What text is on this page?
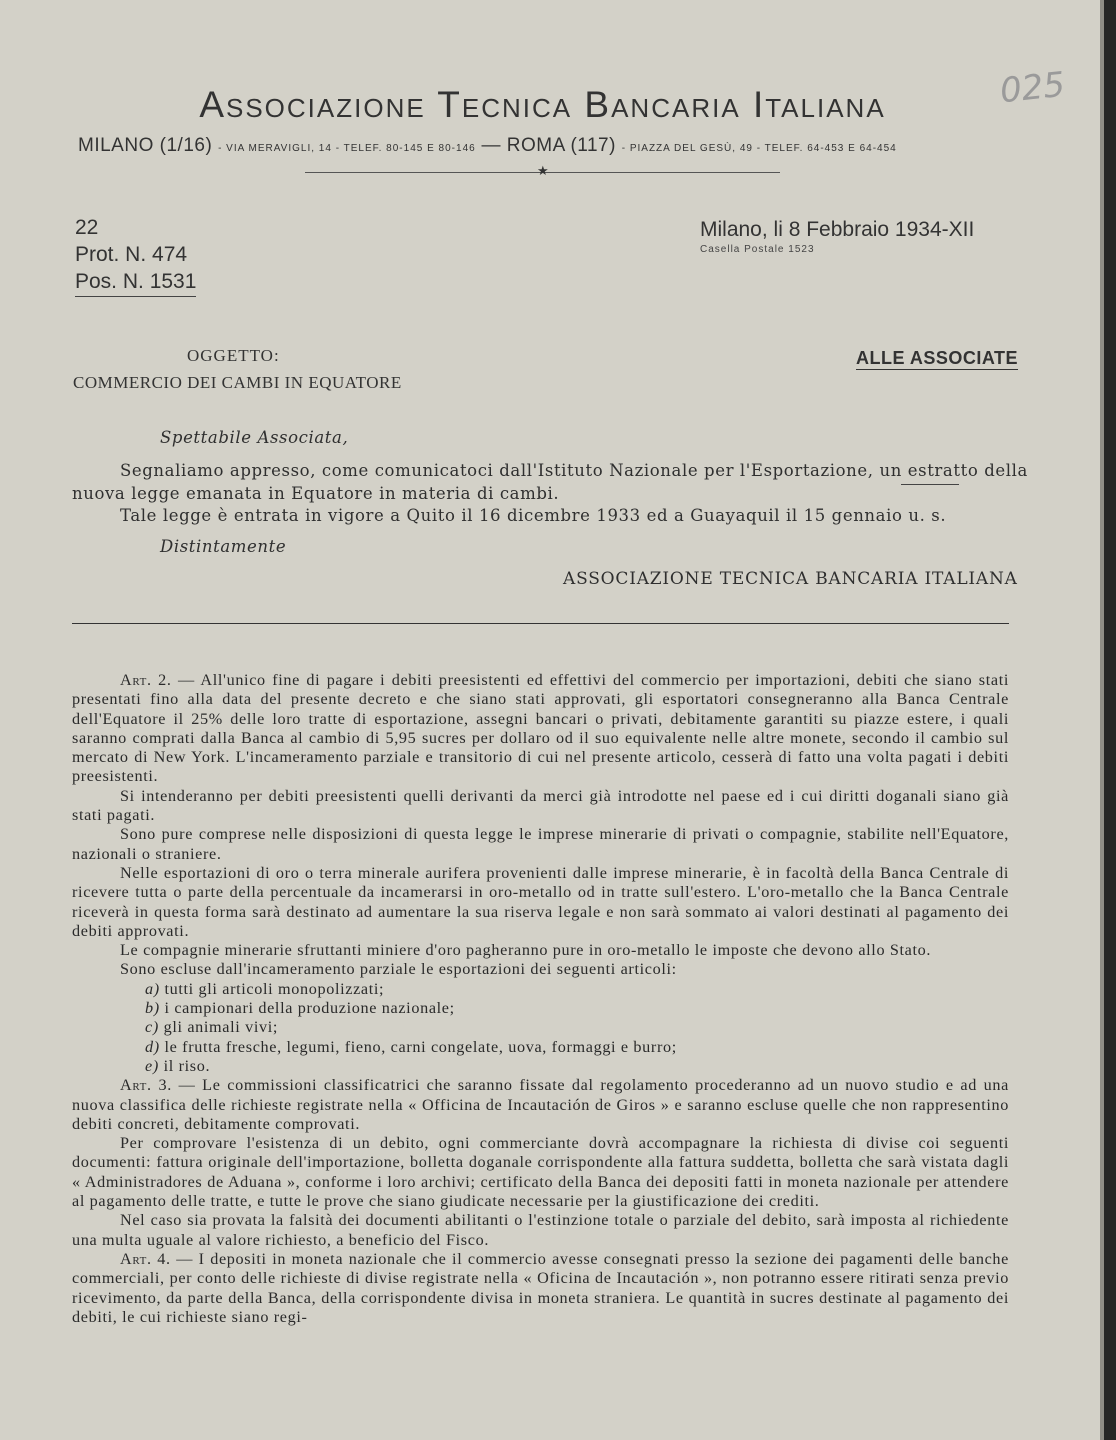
Associazione Tecnica Bancaria Italiana
MILANO (1/16) - VIA MERAVIGLI, 14 - TELEF. 80-145 E 80-146 — ROMA (117) - PIAZZA DEL GESÙ, 49 - TELEF. 64-453 E 64-454
★
025
22
Prot. N. 474
Pos. N. 1531
Milano, li 8 Febbraio 1934-XII
Casella Postale 1523
OGGETTO:
COMMERCIO DEI CAMBI IN EQUATORE
ALLE ASSOCIATE
Spettabile Associata,
Segnaliamo appresso, come comunicatoci dall'Istituto Nazionale per l'Esportazione, un estratto della
nuova legge emanata in Equatore in materia di cambi.
Tale legge è entrata in vigore a Quito il 16 dicembre 1933 ed a Guayaquil il 15 gennaio u. s.
Distintamente
ASSOCIAZIONE TECNICA BANCARIA ITALIANA

Art. 2. — All'unico fine di pagare i debiti preesistenti ed effettivi del commercio per importazioni, debiti che siano stati presentati fino alla data del presente decreto e che siano stati approvati, gli esportatori consegneranno alla Banca Centrale dell'Equatore il 25% delle loro tratte di esportazione, assegni bancari o privati, debitamente garantiti su piazze estere, i quali saranno comprati dalla Banca al cambio di 5,95 sucres per dollaro od il suo equivalente nelle altre monete, secondo il cambio sul mercato di New York. L'incameramento parziale e transitorio di cui nel presente articolo, cesserà di fatto una volta pagati i debiti preesistenti.

Si intenderanno per debiti preesistenti quelli derivanti da merci già introdotte nel paese ed i cui diritti doganali siano già stati pagati.

Sono pure comprese nelle disposizioni di questa legge le imprese minerarie di privati o compagnie, stabilite nell'Equatore, nazionali o straniere.

Nelle esportazioni di oro o terra minerale aurifera provenienti dalle imprese minerarie, è in facoltà della Banca Centrale di ricevere tutta o parte della percentuale da incamerarsi in oro-metallo od in tratte sull'estero. L'oro-metallo che la Banca Centrale riceverà in questa forma sarà destinato ad aumentare la sua riserva legale e non sarà sommato ai valori destinati al pagamento dei debiti approvati.

Le compagnie minerarie sfruttanti miniere d'oro pagheranno pure in oro-metallo le imposte che devono allo Stato.

Sono escluse dall'incameramento parziale le esportazioni dei seguenti articoli:

a) tutti gli articoli monopolizzati;

b) i campionari della produzione nazionale;

c) gli animali vivi;

d) le frutta fresche, legumi, fieno, carni congelate, uova, formaggi e burro;

e) il riso.

Art. 3. — Le commissioni classificatrici che saranno fissate dal regolamento procederanno ad un nuovo studio e ad una nuova classifica delle richieste registrate nella « Officina de Incautación de Giros » e saranno escluse quelle che non rappresentino debiti concreti, debitamente comprovati.

Per comprovare l'esistenza di un debito, ogni commerciante dovrà accompagnare la richiesta di divise coi seguenti documenti: fattura originale dell'importazione, bolletta doganale corrispondente alla fattura suddetta, bolletta che sarà vistata dagli « Administradores de Aduana », conforme i loro archivi; certificato della Banca dei depositi fatti in moneta nazionale per attendere al pagamento delle tratte, e tutte le prove che siano giudicate necessarie per la giustificazione dei crediti.

Nel caso sia provata la falsità dei documenti abilitanti o l'estinzione totale o parziale del debito, sarà imposta al richiedente una multa uguale al valore richiesto, a beneficio del Fisco.

Art. 4. — I depositi in moneta nazionale che il commercio avesse consegnati presso la sezione dei pagamenti delle banche commerciali, per conto delle richieste di divise registrate nella « Oficina de Incautación », non potranno essere ritirati senza previo ricevimento, da parte della Banca, della corrispondente divisa in moneta straniera. Le quantità in sucres destinate al pagamento dei debiti, le cui richieste siano regi-
